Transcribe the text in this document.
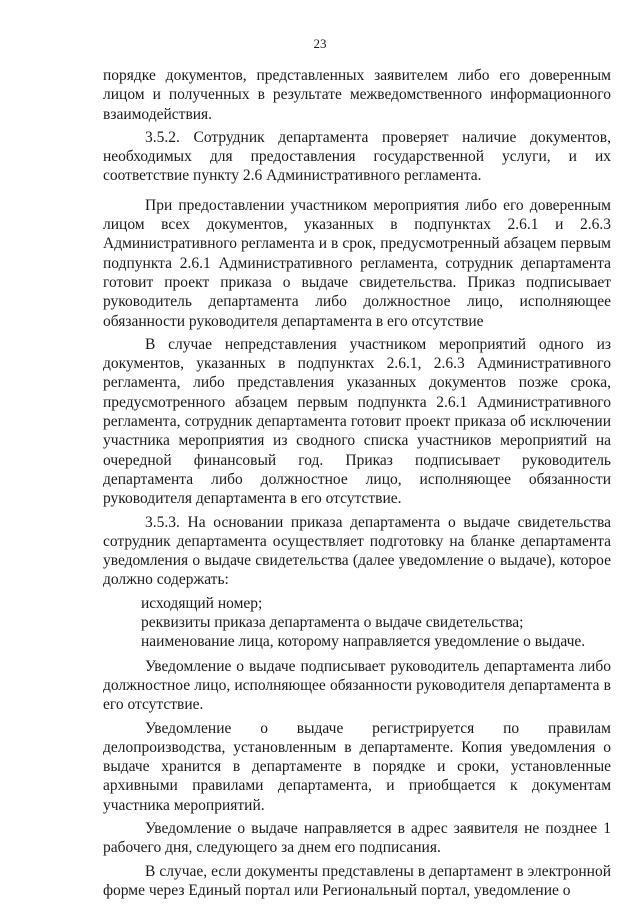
23

порядке документов, представленных заявителем либо его доверенным лицом и полученных в результате межведомственного информационного взаимодействия.

3.5.2. Сотрудник департамента проверяет наличие документов, необходимых для предоставления государственной услуги, и их соответствие пункту 2.6 Административного регламента.

При предоставлении участником мероприятия либо его доверенным лицом всех документов, указанных в подпунктах 2.6.1 и 2.6.3 Административного регламента и в срок, предусмотренный абзацем первым подпункта 2.6.1 Административного регламента, сотрудник департамента готовит проект приказа о выдаче свидетельства. Приказ подписывает руководитель департамента либо должностное лицо, исполняющее обязанности руководителя департамента в его отсутствие

В случае непредставления участником мероприятий одного из документов, указанных в подпунктах 2.6.1, 2.6.3 Административного регламента, либо представления указанных документов позже срока, предусмотренного абзацем первым подпункта 2.6.1 Административного регламента, сотрудник департамента готовит проект приказа об исключении участника мероприятия из сводного списка участников мероприятий на очередной финансовый год. Приказ подписывает руководитель департамента либо должностное лицо, исполняющее обязанности руководителя департамента в его отсутствие.

3.5.3. На основании приказа департамента о выдаче свидетельства сотрудник департамента осуществляет подготовку на бланке департамента уведомления о выдаче свидетельства (далее уведомление о выдаче), которое должно содержать:

исходящий номер;

реквизиты приказа департамента о выдаче свидетельства;

наименование лица, которому направляется уведомление о выдаче.

Уведомление о выдаче подписывает руководитель департамента либо должностное лицо, исполняющее обязанности руководителя департамента в его отсутствие.

Уведомление о выдаче регистрируется по правилам делопроизводства, установленным в департаменте. Копия уведомления о выдаче хранится в департаменте в порядке и сроки, установленные архивными правилами департамента, и приобщается к документам участника мероприятий.

Уведомление о выдаче направляется в адрес заявителя не позднее 1 рабочего дня, следующего за днем его подписания.

В случае, если документы представлены в департамент в электронной форме через Единый портал или Региональный портал, уведомление о
